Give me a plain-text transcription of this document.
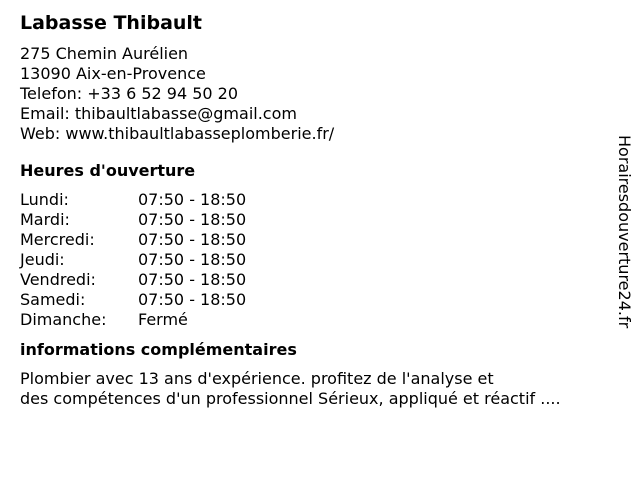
Labasse Thibault
275 Chemin Aurélien
13090 Aix-en-Provence
Telefon: +33 6 52 94 50 20
Email: thibaultlabasse@gmail.com
Web: www.thibaultlabasseplomberie.fr/
Heures d'ouverture
Lundi:	07:50 - 18:50
Mardi:	07:50 - 18:50
Mercredi:	07:50 - 18:50
Jeudi:	07:50 - 18:50
Vendredi:	07:50 - 18:50
Samedi:	07:50 - 18:50
Dimanche:	Fermé
informations complémentaires
Plombier avec 13 ans d'expérience. profitez de l'analyse et
des compétences d'un professionnel Sérieux, appliqué et réactif ....
Horairesdouverture24.fr
